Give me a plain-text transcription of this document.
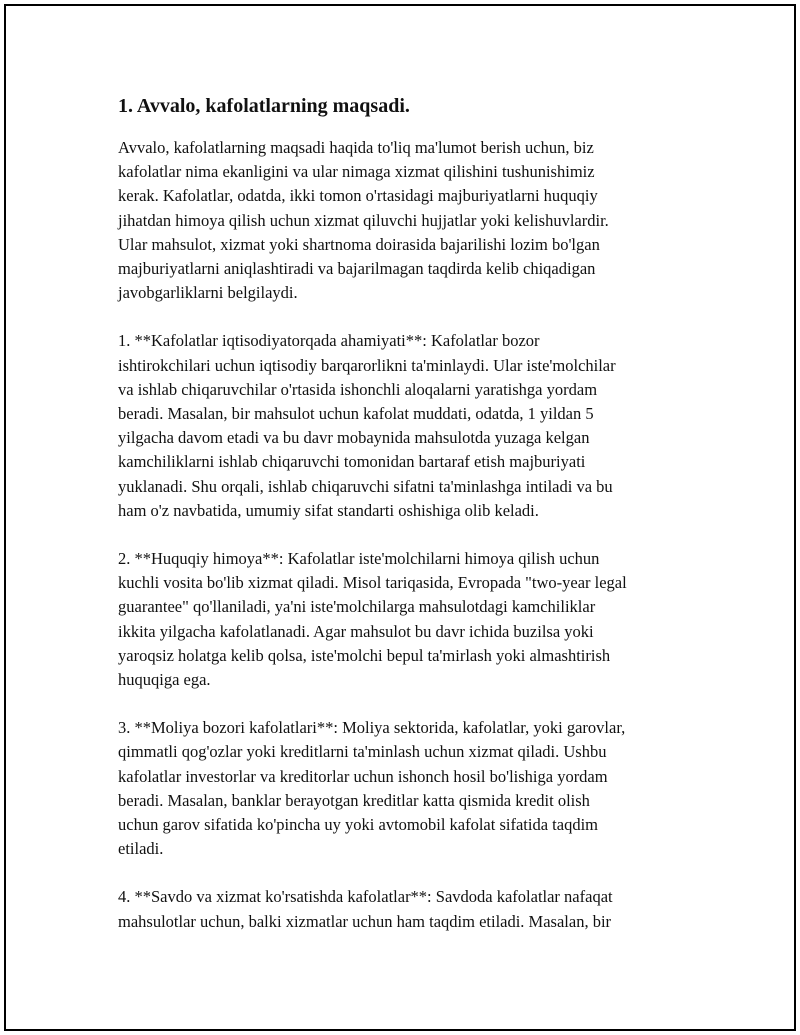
1. Avvalo, kafolatlarning maqsadi.

Avvalo, kafolatlarning maqsadi haqida to'liq ma'lumot berish uchun, biz
kafolatlar nima ekanligini va ular nimaga xizmat qilishini tushunishimiz
kerak. Kafolatlar, odatda, ikki tomon o'rtasidagi majburiyatlarni huquqiy
jihatdan himoya qilish uchun xizmat qiluvchi hujjatlar yoki kelishuvlardir.
Ular mahsulot, xizmat yoki shartnoma doirasida bajarilishi lozim bo'lgan
majburiyatlarni aniqlashtiradi va bajarilmagan taqdirda kelib chiqadigan
javobgarliklarni belgilaydi.

1. **Kafolatlar iqtisodiyatorqada ahamiyati**: Kafolatlar bozor
ishtirokchilari uchun iqtisodiy barqarorlikni ta'minlaydi. Ular iste'molchilar
va ishlab chiqaruvchilar o'rtasida ishonchli aloqalarni yaratishga yordam
beradi. Masalan, bir mahsulot uchun kafolat muddati, odatda, 1 yildan 5
yilgacha davom etadi va bu davr mobaynida mahsulotda yuzaga kelgan
kamchiliklarni ishlab chiqaruvchi tomonidan bartaraf etish majburiyati
yuklanadi. Shu orqali, ishlab chiqaruvchi sifatni ta'minlashga intiladi va bu
ham o'z navbatida, umumiy sifat standarti oshishiga olib keladi.

2. **Huquqiy himoya**: Kafolatlar iste'molchilarni himoya qilish uchun
kuchli vosita bo'lib xizmat qiladi. Misol tariqasida, Evropada "two-year legal
guarantee" qo'llaniladi, ya'ni iste'molchilarga mahsulotdagi kamchiliklar
ikkita yilgacha kafolatlanadi. Agar mahsulot bu davr ichida buzilsa yoki
yaroqsiz holatga kelib qolsa, iste'molchi bepul ta'mirlash yoki almashtirish
huquqiga ega.

3. **Moliya bozori kafolatlari**: Moliya sektorida, kafolatlar, yoki garovlar,
qimmatli qog'ozlar yoki kreditlarni ta'minlash uchun xizmat qiladi. Ushbu
kafolatlar investorlar va kreditorlar uchun ishonch hosil bo'lishiga yordam
beradi. Masalan, banklar berayotgan kreditlar katta qismida kredit olish
uchun garov sifatida ko'pincha uy yoki avtomobil kafolat sifatida taqdim
etiladi.

4. **Savdo va xizmat ko'rsatishda kafolatlar**: Savdoda kafolatlar nafaqat
mahsulotlar uchun, balki xizmatlar uchun ham taqdim etiladi. Masalan, bir
